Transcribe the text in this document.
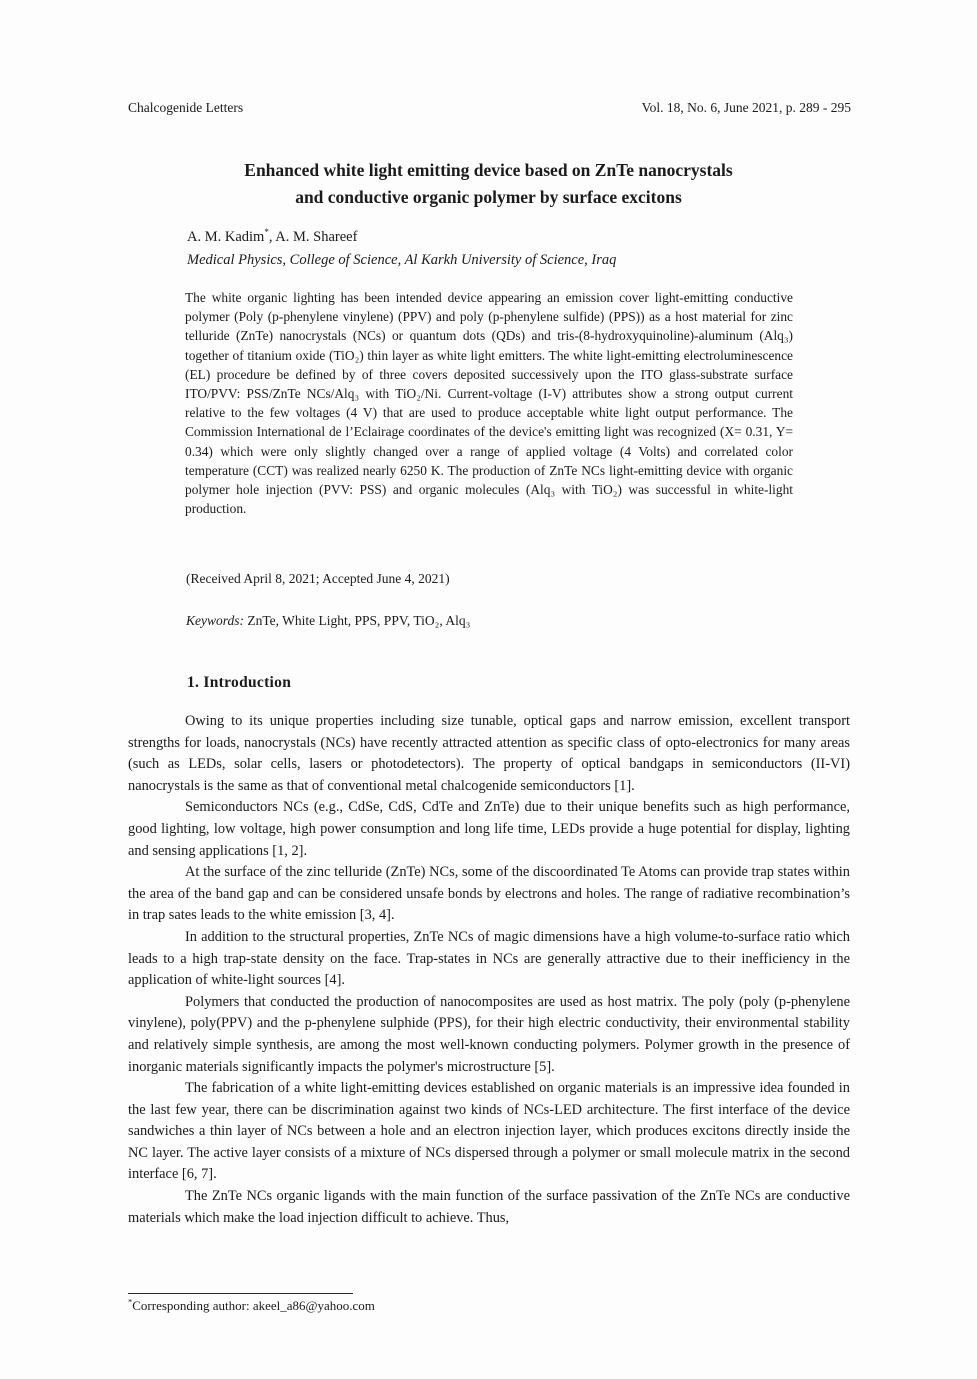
Chalcogenide Letters	Vol. 18, No. 6, June 2021, p. 289 - 295
Enhanced white light emitting device based on ZnTe nanocrystals
and conductive organic polymer by surface excitons
A. M. Kadim*, A. M. Shareef
Medical Physics, College of Science, Al Karkh University of Science, Iraq

The white organic lighting has been intended device appearing an emission cover light-emitting conductive polymer (Poly (p-phenylene vinylene) (PPV) and poly (p-phenylene sulfide) (PPS)) as a host material for zinc telluride (ZnTe) nanocrystals (NCs) or quantum dots (QDs) and tris-(8-hydroxyquinoline)-aluminum (Alq₃) together of titanium oxide (TiO₂) thin layer as white light emitters. The white light-emitting electroluminescence (EL) procedure be defined by of three covers deposited successively upon the ITO glass-substrate surface ITO/PVV: PSS/ZnTe NCs/Alq₃ with TiO₂/Ni. Current-voltage (I-V) attributes show a strong output current relative to the few voltages (4 V) that are used to produce acceptable white light output performance. The Commission International de l’Eclairage coordinates of the device's emitting light was recognized (X= 0.31, Y= 0.34) which were only slightly changed over a range of applied voltage (4 Volts) and correlated color temperature (CCT) was realized nearly 6250 K. The production of ZnTe NCs light-emitting device with organic polymer hole injection (PVV: PSS) and organic molecules (Alq₃ with TiO₂) was successful in white-light production.

(Received April 8, 2021; Accepted June 4, 2021)

Keywords: ZnTe, White Light, PPS, PPV, TiO₂, Alq₃

1. Introduction

Owing to its unique properties including size tunable, optical gaps and narrow emission, excellent transport strengths for loads, nanocrystals (NCs) have recently attracted attention as specific class of opto-electronics for many areas (such as LEDs, solar cells, lasers or photodetectors). The property of optical bandgaps in semiconductors (II-VI) nanocrystals is the same as that of conventional metal chalcogenide semiconductors [1].

Semiconductors NCs (e.g., CdSe, CdS, CdTe and ZnTe) due to their unique benefits such as high performance, good lighting, low voltage, high power consumption and long life time, LEDs provide a huge potential for display, lighting and sensing applications [1, 2].

At the surface of the zinc telluride (ZnTe) NCs, some of the discoordinated Te Atoms can provide trap states within the area of the band gap and can be considered unsafe bonds by electrons and holes. The range of radiative recombination’s in trap sates leads to the white emission [3, 4].

In addition to the structural properties, ZnTe NCs of magic dimensions have a high volume-to-surface ratio which leads to a high trap-state density on the face. Trap-states in NCs are generally attractive due to their inefficiency in the application of white-light sources [4].

Polymers that conducted the production of nanocomposites are used as host matrix. The poly (poly (p-phenylene vinylene), poly(PPV) and the p-phenylene sulphide (PPS), for their high electric conductivity, their environmental stability and relatively simple synthesis, are among the most well-known conducting polymers. Polymer growth in the presence of inorganic materials significantly impacts the polymer's microstructure [5].

The fabrication of a white light-emitting devices established on organic materials is an impressive idea founded in the last few year, there can be discrimination against two kinds of NCs-LED architecture. The first interface of the device sandwiches a thin layer of NCs between a hole and an electron injection layer, which produces excitons directly inside the NC layer. The active layer consists of a mixture of NCs dispersed through a polymer or small molecule matrix in the second interface [6, 7].

The ZnTe NCs organic ligands with the main function of the surface passivation of the ZnTe NCs are conductive materials which make the load injection difficult to achieve. Thus,

*Corresponding author: akeel_a86@yahoo.com
